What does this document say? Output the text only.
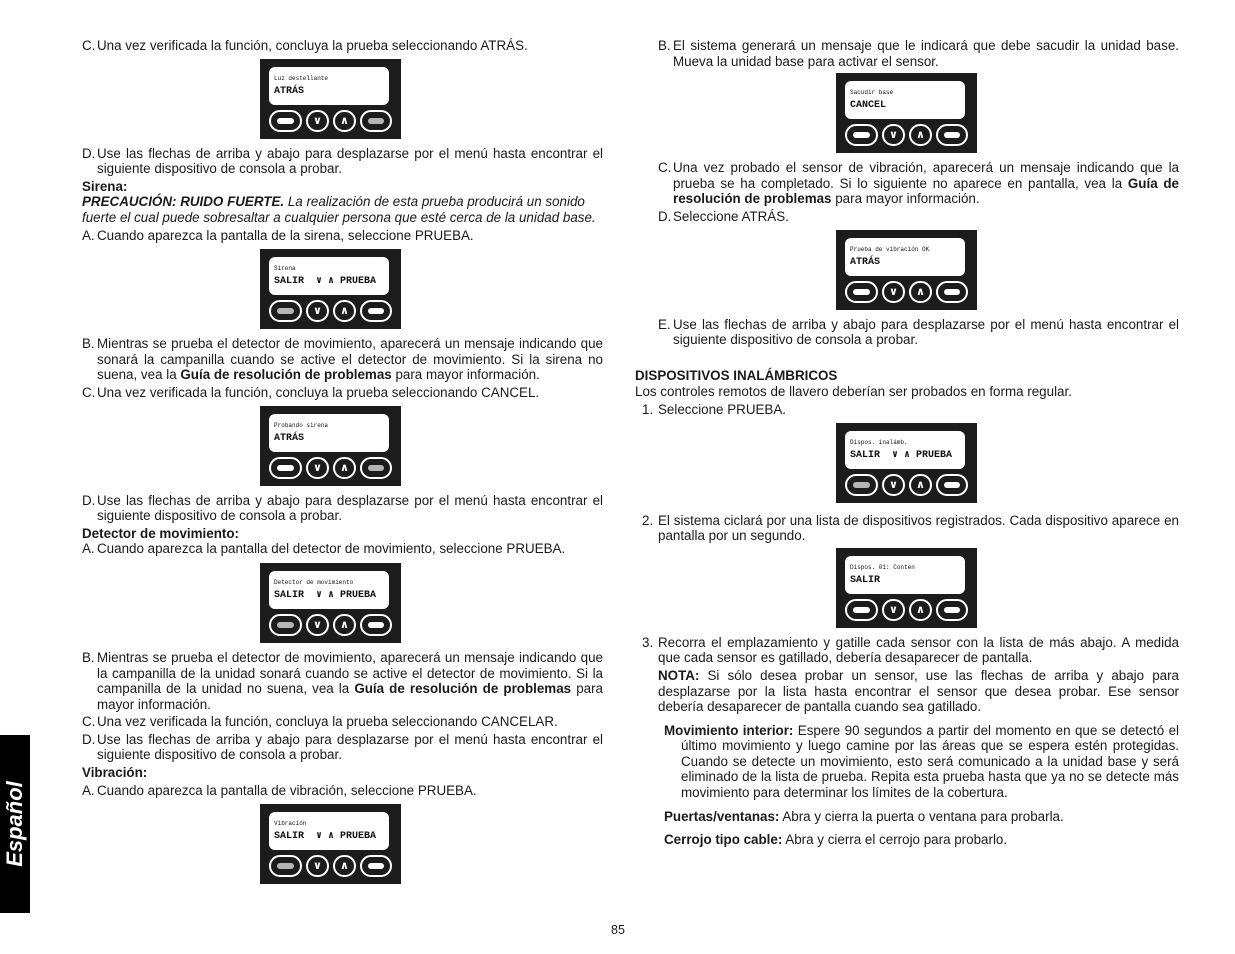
C. Una vez verificada la función, concluya la prueba seleccionando ATRÁS.
Luz destellante
ATRÁS
∨	∧
D. Use las flechas de arriba y abajo para desplazarse por el menú hasta encontrar el siguiente dispositivo de consola a probar.
Sirena:
PRECAUCIÓN: RUIDO FUERTE. La realización de esta prueba producirá un sonido fuerte el cual puede sobresaltar a cualquier persona que esté cerca de la unidad base.
A. Cuando aparezca la pantalla de la sirena, seleccione PRUEBA.
Sirena
SALIR  ∨ ∧ PRUEBA
∨	∧
B. Mientras se prueba el detector de movimiento, aparecerá un mensaje indicando que sonará la campanilla cuando se active el detector de movimiento. Si la sirena no suena, vea la Guía de resolución de problemas para mayor información.
C. Una vez verificada la función, concluya la prueba seleccionando CANCEL.
Probando sirena
ATRÁS
∨	∧
D. Use las flechas de arriba y abajo para desplazarse por el menú hasta encontrar el siguiente dispositivo de consola a probar.
Detector de movimiento:
A. Cuando aparezca la pantalla del detector de movimiento, seleccione PRUEBA.
Detector de movimiento
SALIR  ∨ ∧ PRUEBA
∨	∧
B. Mientras se prueba el detector de movimiento, aparecerá un mensaje indicando que la campanilla de la unidad sonará cuando se active el detector de movimiento. Si la campanilla de la unidad no suena, vea la Guía de resolución de problemas para mayor información.
C. Una vez verificada la función, concluya la prueba seleccionando CANCELAR.
D. Use las flechas de arriba y abajo para desplazarse por el menú hasta encontrar el siguiente dispositivo de consola a probar.
Vibración:
A. Cuando aparezca la pantalla de vibración, seleccione PRUEBA.
Vibración
SALIR  ∨ ∧ PRUEBA
∨	∧
B. El sistema generará un mensaje que le indicará que debe sacudir la unidad base. Mueva la unidad base para activar el sensor.
Sacudir base
CANCEL
∨	∧
C. Una vez probado el sensor de vibración, aparecerá un mensaje indicando que la prueba se ha completado. Si lo siguiente no aparece en pantalla, vea la Guía de resolución de problemas para mayor información.
D. Seleccione ATRÁS.
Prueba de vibración OK
ATRÁS
∨	∧
E. Use las flechas de arriba y abajo para desplazarse por el menú hasta encontrar el siguiente dispositivo de consola a probar.
DISPOSITIVOS INALÁMBRICOS
Los controles remotos de llavero deberían ser probados en forma regular.
1. Seleccione PRUEBA.
Dispos. inalámb.
SALIR  ∨ ∧ PRUEBA
∨	∧
2. El sistema ciclará por una lista de dispositivos registrados. Cada dispositivo aparece en pantalla por un segundo.
Dispos. 01: Conten
SALIR
∨	∧
3. Recorra el emplazamiento y gatille cada sensor con la lista de más abajo. A medida que cada sensor es gatillado, debería desaparecer de pantalla.
NOTA: Si sólo desea probar un sensor, use las flechas de arriba y abajo para desplazarse por la lista hasta encontrar el sensor que desea probar. Ese sensor debería desaparecer de pantalla cuando sea gatillado.
Movimiento interior: Espere 90 segundos a partir del momento en que se detectó el último movimiento y luego camine por las áreas que se espera estén protegidas. Cuando se detecte un movimiento, esto será comunicado a la unidad base y será eliminado de la lista de prueba. Repita esta prueba hasta que ya no se detecte más movimiento para determinar los límites de la cobertura.
Puertas/ventanas: Abra y cierra la puerta o ventana para probarla.
Cerrojo tipo cable: Abra y cierra el cerrojo para probarlo.
Español
85
